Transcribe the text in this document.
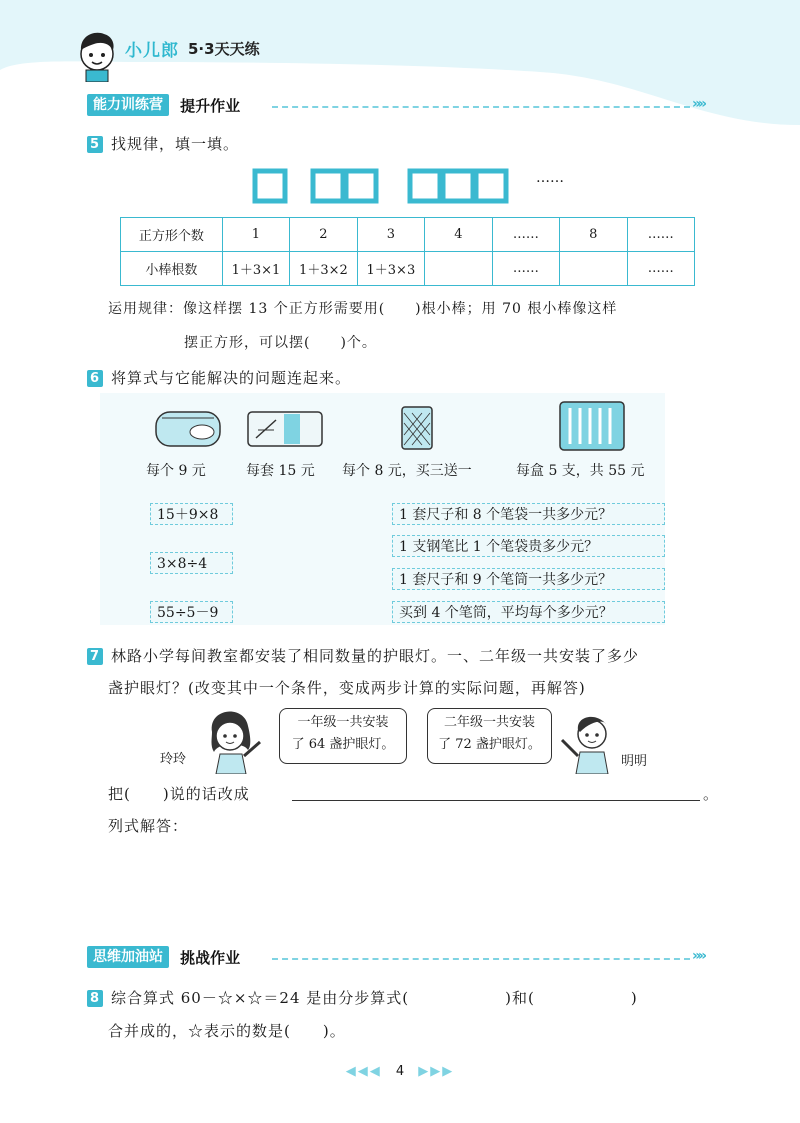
小儿郎 5·3天天练
能力训练营 提升作业	»»
5 找规律，填一填。
……
正方形个数	1	2	3	4	……	8	……
小棒根数	1＋3×1	1＋3×2	1＋3×3		……		……
运用规律：像这样摆 13 个正方形需要用(　　)根小棒；用 70 根小棒像这样
摆正方形，可以摆(　　)个。
6 将算式与它能解决的问题连起来。
每个 9 元	每套 15 元 每个 8 元，买三送一	每盒 5 支，共 55 元
15＋9×8
3×8÷4
55÷5－9
1 套尺子和 8 个笔袋一共多少元？
1 支钢笔比 1 个笔袋贵多少元？
1 套尺子和 9 个笔筒一共多少元？
买到 4 个笔筒，平均每个多少元？
7 林路小学每间教室都安装了相同数量的护眼灯。一、二年级一共安装了多少
盏护眼灯？(改变其中一个条件，变成两步计算的实际问题，再解答)
玲玲
一年级一共安装
了 64 盏护眼灯。
二年级一共安装
了 72 盏护眼灯。
明明
把(　　)说的话改成	。
列式解答：
思维加油站 挑战作业	»»
8 综合算式 60－☆×☆＝24 是由分步算式(　　　　　　)和(　　　　　　)
合并成的，☆表示的数是(　　)。
◀◀◀ 4 ▶▶▶
